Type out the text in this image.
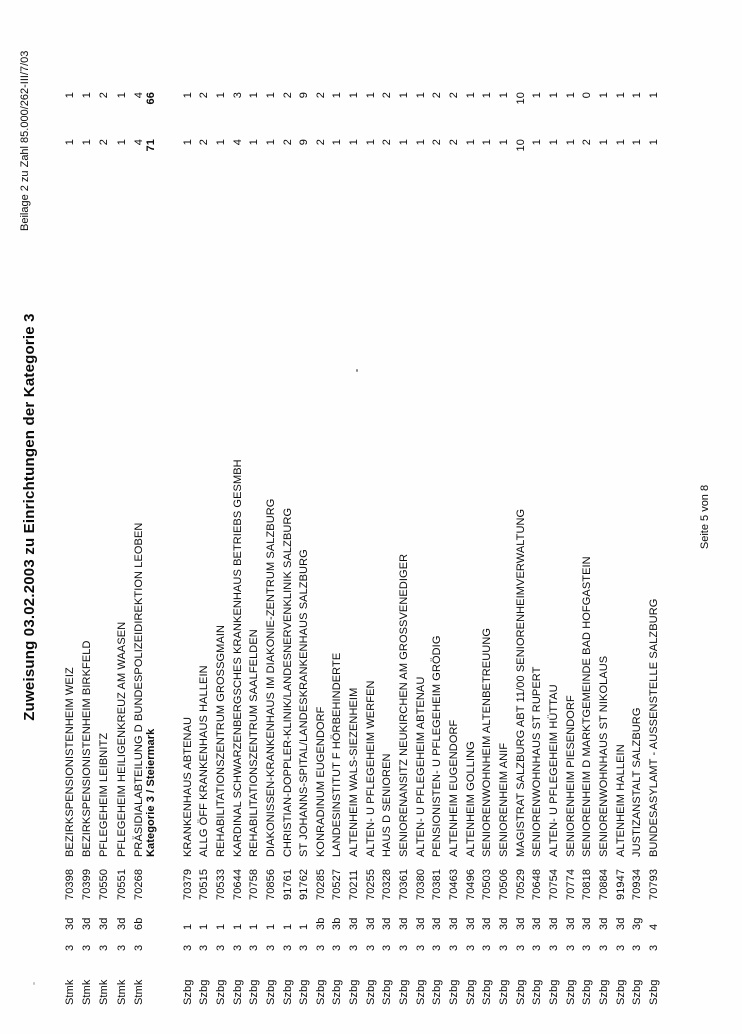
Zuweisung 03.02.2003 zu Einrichtungen der Kategorie 3
Beilage 2 zu Zahl 85.000/262-III/7/03
Stmk
3
3d
70398
BEZIRKSPENSIONISTENHEIM WEIZ
1
1
Stmk
3
3d
70399
BEZIRKSPENSIONISTENHEIM BIRKFELD
1
1
Stmk
3
3d
70550
PFLEGEHEIM LEIBNITZ
2
2
Stmk
3
3d
70551
PFLEGEHEIM HEILIGENKREUZ AM WAASEN
1
1
Stmk
3
6b
70268
PRÄSIDIALABTEILUNG D BUNDESPOLIZEIDIREKTION LEOBEN
4
4
Kategorie 3 / Steiermark
71
66
Szbg
3
1
70379
KRANKENHAUS ABTENAU
1
1
Szbg
3
1
70515
ALLG ÖFF KRANKENHAUS HALLEIN
2
2
Szbg
3
1
70533
REHABILITATIONSZENTRUM GROSSGMAIN
1
1
Szbg
3
1
70644
KARDINAL SCHWARZENBERGSCHES KRANKENHAUS BETRIEBS GESMBH
4
3
Szbg
3
1
70758
REHABILITATIONSZENTRUM SAALFELDEN
1
1
Szbg
3
1
70856
DIAKONISSEN-KRANKENHAUS IM DIAKONIE-ZENTRUM SALZBURG
1
1
Szbg
3
1
91761
CHRISTIAN-DOPPLER-KLINIK/LANDESNERVENKLINIK SALZBURG
2
2
Szbg
3
1
91762
ST JOHANNS-SPITAL/LANDESKRANKENHAUS SALZBURG
9
9
Szbg
3
3b
70285
KONRADINUM EUGENDORF
2
2
Szbg
3
3b
70527
LANDESINSTITUT F HÖRBEHINDERTE
1
1
Szbg
3
3d
70211
ALTENHEIM WALS-SIEZENHEIM
1
1
Szbg
3
3d
70255
ALTEN- U PFLEGEHEIM WERFEN
1
1
Szbg
3
3d
70328
HAUS D SENIOREN
2
2
Szbg
3
3d
70361
SENIORENANSITZ NEUKIRCHEN AM GROSSVENEDIGER
1
1
Szbg
3
3d
70380
ALTEN- U PFLEGEHEIM ABTENAU
1
1
Szbg
3
3d
70381
PENSIONISTEN- U PFLEGEHEIM GRÖDIG
2
2
Szbg
3
3d
70463
ALTENHEIM EUGENDORF
2
2
Szbg
3
3d
70496
ALTENHEIM GOLLING
1
1
Szbg
3
3d
70503
SENIORENWOHNHEIM ALTENBETREUUNG
1
1
Szbg
3
3d
70506
SENIORENHEIM ANIF
1
1
Szbg
3
3d
70529
MAGISTRAT SALZBURG ABT 11/00 SENIORENHEIMVERWALTUNG
10
10
Szbg
3
3d
70648
SENIORENWOHNHAUS ST RUPERT
1
1
Szbg
3
3d
70754
ALTEN- U PFLEGEHEIM HÜTTAU
1
1
Szbg
3
3d
70774
SENIORENHEIM PIESENDORF
1
1
Szbg
3
3d
70818
SENIORENHEIM D MARKTGEMEINDE BAD HOFGASTEIN
2
0
Szbg
3
3d
70884
SENIORENWOHNHAUS ST NIKOLAUS
1
1
Szbg
3
3d
91947
ALTENHEIM HALLEIN
1
1
Szbg
3
3g
70934
JUSTIZANSTALT SALZBURG
1
1
Szbg
3
4
70793
BUNDESASYLAMT - AUSSENSTELLE SALZBURG
1
1
Seite 5 von 8
